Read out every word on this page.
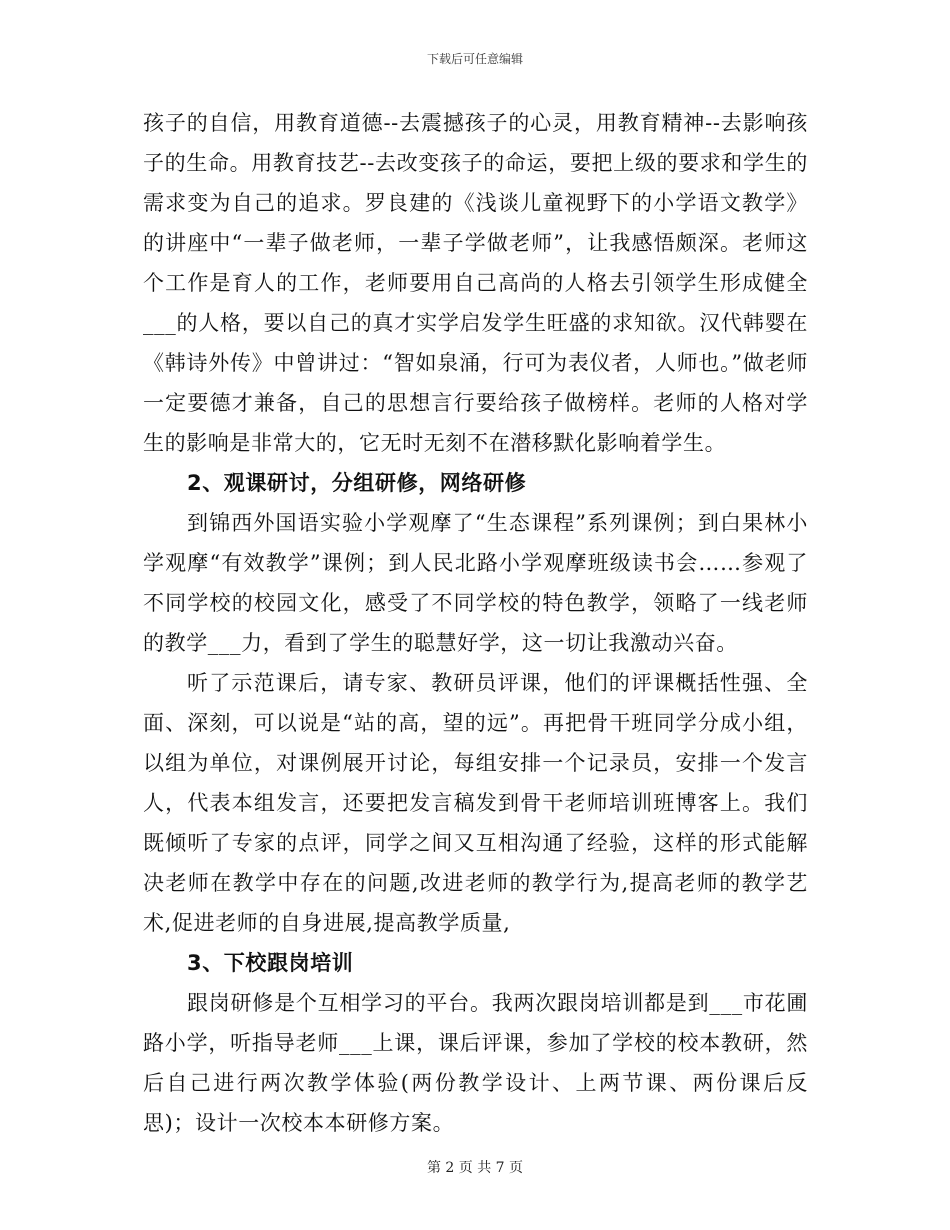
下载后可任意编辑

孩子的自信，用教育道德--去震撼孩子的心灵，用教育精神--去影响孩子的生命。用教育技艺--去改变孩子的命运，要把上级的要求和学生的需求变为自己的追求。罗良建的《浅谈儿童视野下的小学语文教学》的讲座中“一辈子做老师，一辈子学做老师”，让我感悟颇深。老师这个工作是育人的工作，老师要用自己高尚的人格去引领学生形成健全___的人格，要以自己的真才实学启发学生旺盛的求知欲。汉代韩婴在《韩诗外传》中曾讲过：“智如泉涌，行可为表仪者，人师也。”做老师一定要德才兼备，自己的思想言行要给孩子做榜样。老师的人格对学生的影响是非常大的，它无时无刻不在潜移默化影响着学生。

2、观课研讨，分组研修，网络研修

到锦西外国语实验小学观摩了“生态课程”系列课例；到白果林小学观摩“有效教学”课例；到人民北路小学观摩班级读书会……参观了不同学校的校园文化，感受了不同学校的特色教学，领略了一线老师的教学___力，看到了学生的聪慧好学，这一切让我激动兴奋。

听了示范课后，请专家、教研员评课，他们的评课概括性强、全面、深刻，可以说是“站的高，望的远”。再把骨干班同学分成小组，以组为单位，对课例展开讨论，每组安排一个记录员，安排一个发言人，代表本组发言，还要把发言稿发到骨干老师培训班博客上。我们既倾听了专家的点评，同学之间又互相沟通了经验，这样的形式能解决老师在教学中存在的问题,改进老师的教学行为,提高老师的教学艺术,促进老师的自身进展,提高教学质量,

3、下校跟岗培训

跟岗研修是个互相学习的平台。我两次跟岗培训都是到___市花圃路小学，听指导老师___上课，课后评课，参加了学校的校本教研，然后自己进行两次教学体验(两份教学设计、上两节课、两份课后反思)；设计一次校本本研修方案。

第 2 页 共 7 页
